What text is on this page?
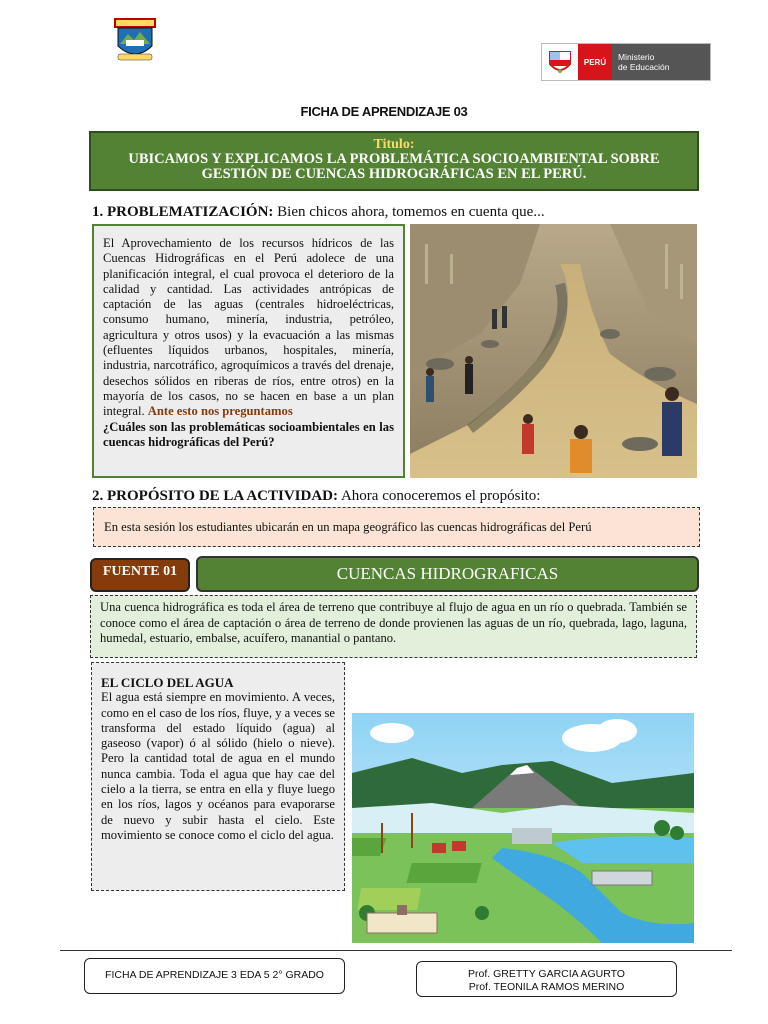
PERÚ	Ministerio
de Educación
FICHA DE APRENDIZAJE 03
Titulo:
UBICAMOS Y EXPLICAMOS LA PROBLEMÁTICA SOCIOAMBIENTAL SOBRE GESTIÓN DE CUENCAS HIDROGRÁFICAS EN EL PERÚ.
1. PROBLEMATIZACIÓN: Bien chicos ahora, tomemos en cuenta que...
El Aprovechamiento de los recursos hídricos de las Cuencas Hidrográficas en el Perú adolece de una planificación integral, el cual provoca el deterioro de la calidad y cantidad. Las actividades antrópicas de captación de las aguas (centrales hidroeléctricas, consumo humano, minería, industria, petróleo, agricultura y otros usos) y la evacuación a las mismas (efluentes líquidos urbanos, hospitales, minería, industria, narcotráfico, agroquímicos a través del drenaje, desechos sólidos en riberas de ríos, entre otros) en la mayoría de los casos, no se hacen en base a un plan integral. Ante esto nos preguntamos
¿Cuáles son las problemáticas socioambientales en las cuencas hidrográficas del Perú?
2. PROPÓSITO DE LA ACTIVIDAD: Ahora conoceremos el propósito:
En esta sesión los estudiantes ubicarán en un mapa geográfico las cuencas hidrográficas del Perú
FUENTE 01	CUENCAS HIDROGRAFICAS
Una cuenca hidrográfica es toda el área de terreno que contribuye al flujo de agua en un río o quebrada. También se conoce como el área de captación o área de terreno de donde provienen las aguas de un río, quebrada, lago, laguna, humedal, estuario, embalse, acuífero, manantial o pantano.
EL CICLO DEL AGUA
El agua está siempre en movimiento. A veces, como en el caso de los ríos, fluye, y a veces se transforma del estado líquido (agua) al gaseoso (vapor) ó al sólido (hielo o nieve). Pero la cantidad total de agua en el mundo nunca cambia. Toda el agua que hay cae del cielo a la tierra, se entra en ella y fluye luego en los ríos, lagos y océanos para evaporarse de nuevo y subir hasta el cielo. Este movimiento se conoce como el ciclo del agua.
FICHA DE APRENDIZAJE 3 EDA 5 2° GRADO	Prof. GRETTY GARCIA AGURTO
Prof. TEONILA RAMOS MERINO
